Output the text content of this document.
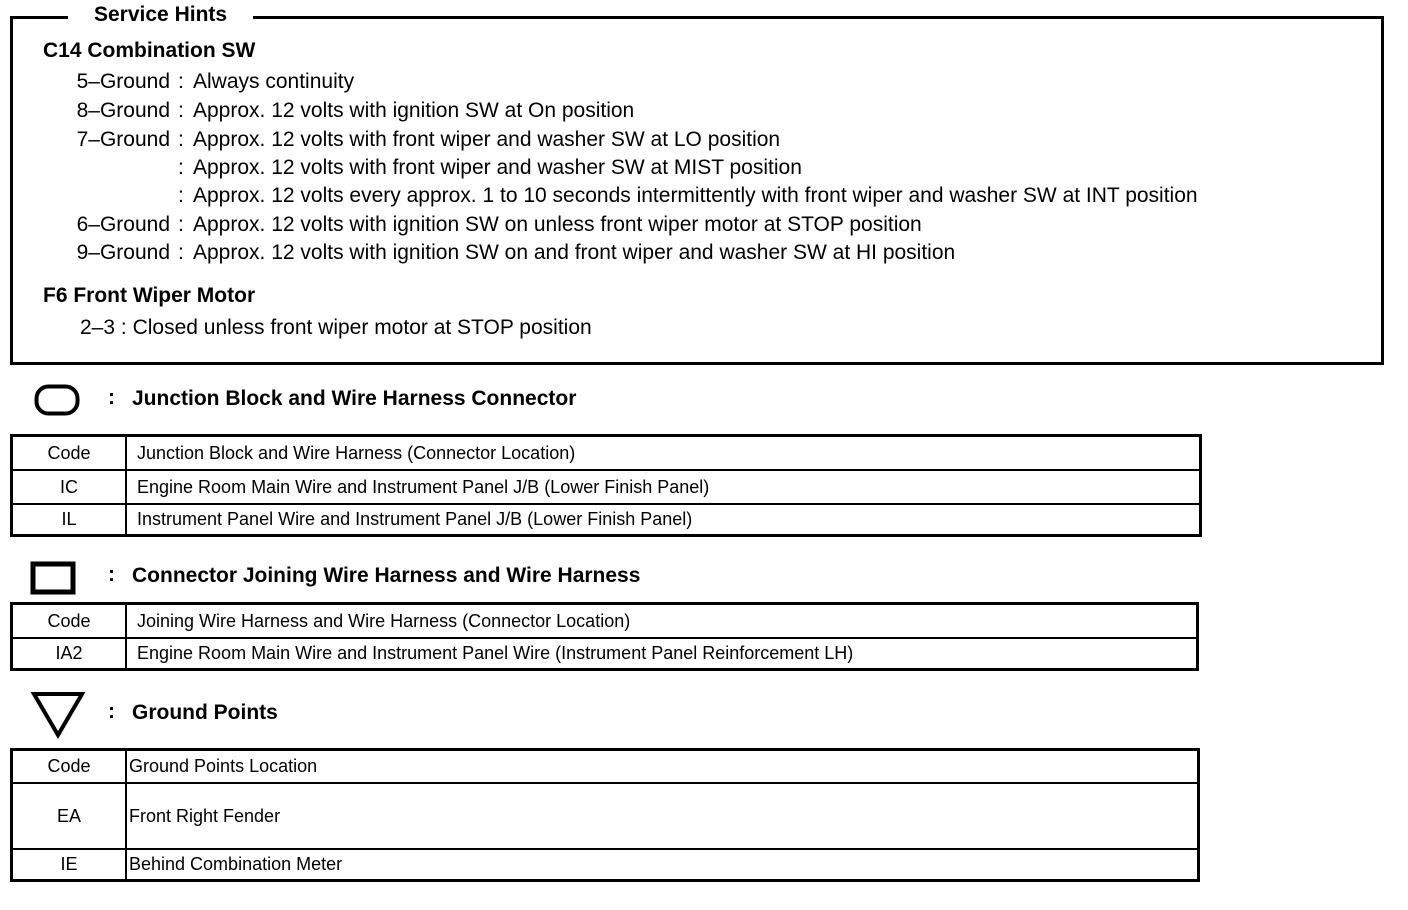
Service Hints
C14 Combination SW
5–Ground : Always continuity
8–Ground : Approx. 12 volts with ignition SW at On position
7–Ground : Approx. 12 volts with front wiper and washer SW at LO position
: Approx. 12 volts with front wiper and washer SW at MIST position
: Approx. 12 volts every approx. 1 to 10 seconds intermittently with front wiper and washer SW at INT position
6–Ground : Approx. 12 volts with ignition SW on unless front wiper motor at STOP position
9–Ground : Approx. 12 volts with ignition SW on and front wiper and washer SW at HI position
F6 Front Wiper Motor
2–3 : Closed unless front wiper motor at STOP position
: Junction Block and Wire Harness Connector
Code	Junction Block and Wire Harness (Connector Location)
IC	Engine Room Main Wire and Instrument Panel J/B (Lower Finish Panel)
IL	Instrument Panel Wire and Instrument Panel J/B (Lower Finish Panel)
: Connector Joining Wire Harness and Wire Harness
Code	Joining Wire Harness and Wire Harness (Connector Location)
IA2	Engine Room Main Wire and Instrument Panel Wire (Instrument Panel Reinforcement LH)
: Ground Points
Code	Ground Points Location
EA	Front Right Fender
IE	Behind Combination Meter
